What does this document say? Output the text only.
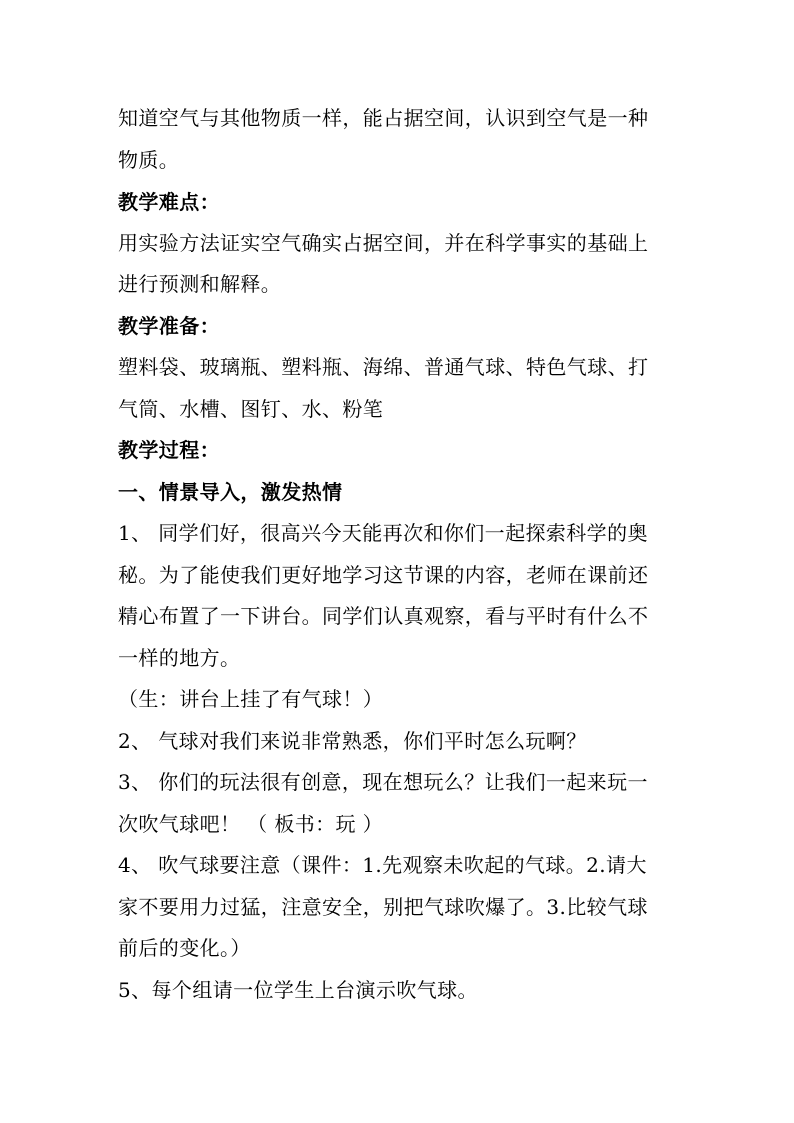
知道空气与其他物质一样，能占据空间，认识到空气是一种
物质。
教学难点：
用实验方法证实空气确实占据空间，并在科学事实的基础上
进行预测和解释。
教学准备：
塑料袋、玻璃瓶、塑料瓶、海绵、普通气球、特色气球、打
气筒、水槽、图钉、水、粉笔
教学过程：
一、情景导入，激发热情
1、 同学们好，很高兴今天能再次和你们一起探索科学的奥
秘。为了能使我们更好地学习这节课的内容，老师在课前还
精心布置了一下讲台。同学们认真观察，看与平时有什么不
一样的地方。
（生：讲台上挂了有气球！）
2、 气球对我们来说非常熟悉，你们平时怎么玩啊？
3、 你们的玩法很有创意，现在想玩么？让我们一起来玩一
次吹气球吧！ （ 板书：玩 ）
4、 吹气球要注意（课件：1.先观察未吹起的气球。2.请大
家不要用力过猛，注意安全，别把气球吹爆了。3.比较气球
前后的变化。）
5、每个组请一位学生上台演示吹气球。
